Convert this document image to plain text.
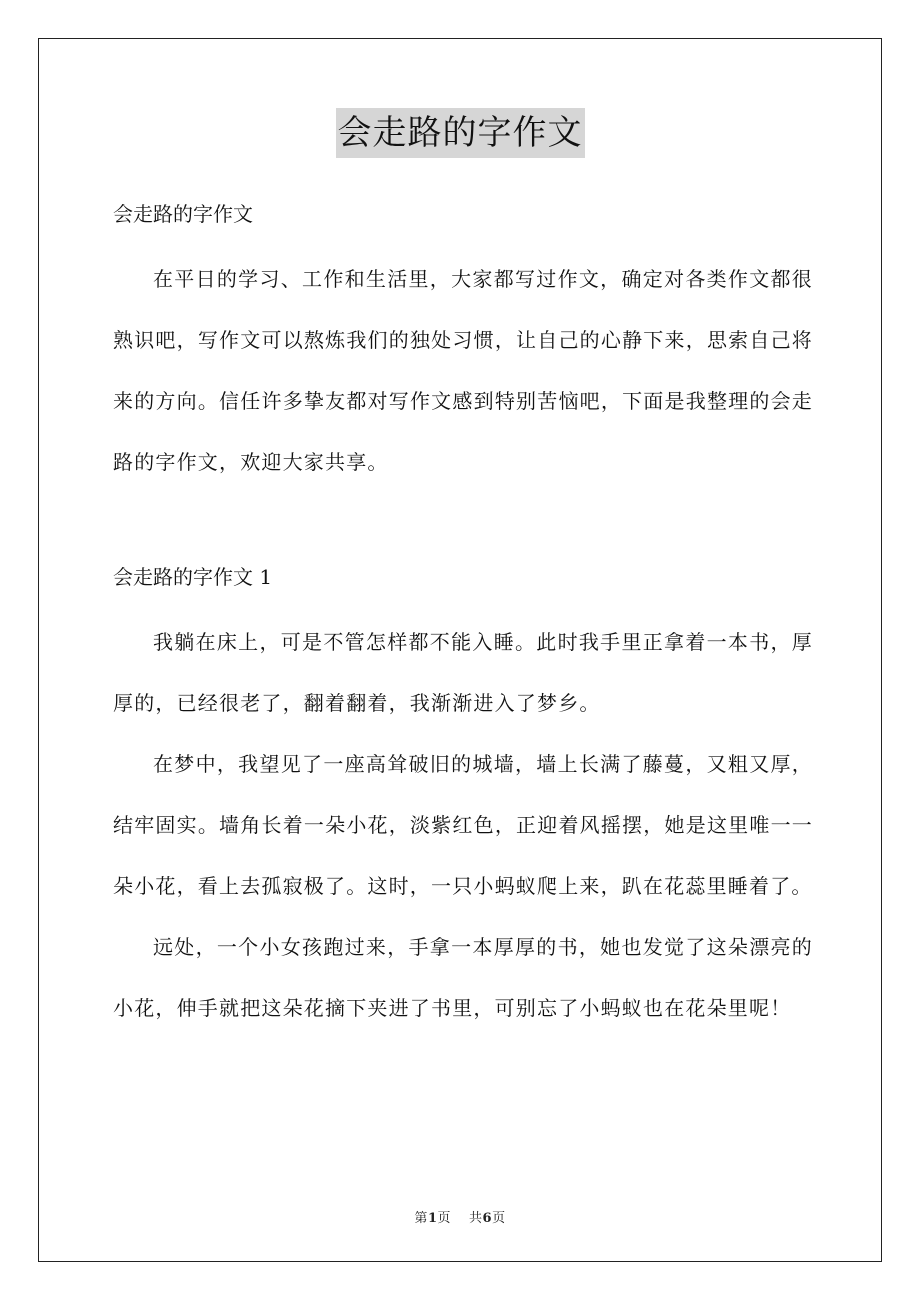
会走路的字作文

会走路的字作文

在平日的学习、工作和生活里，大家都写过作文，确定对各类作文都很熟识吧，写作文可以熬炼我们的独处习惯，让自己的心静下来，思索自己将来的方向。信任许多挚友都对写作文感到特别苦恼吧，下面是我整理的会走路的字作文，欢迎大家共享。

会走路的字作文 1

我躺在床上，可是不管怎样都不能入睡。此时我手里正拿着一本书，厚厚的，已经很老了，翻着翻着，我渐渐进入了梦乡。

在梦中，我望见了一座高耸破旧的城墙，墙上长满了藤蔓，又粗又厚，结牢固实。墙角长着一朵小花，淡紫红色，正迎着风摇摆，她是这里唯一一朵小花，看上去孤寂极了。这时，一只小蚂蚁爬上来，趴在花蕊里睡着了。

远处，一个小女孩跑过来，手拿一本厚厚的书，她也发觉了这朵漂亮的小花，伸手就把这朵花摘下夹进了书里，可别忘了小蚂蚁也在花朵里呢！

第1页 共6页
